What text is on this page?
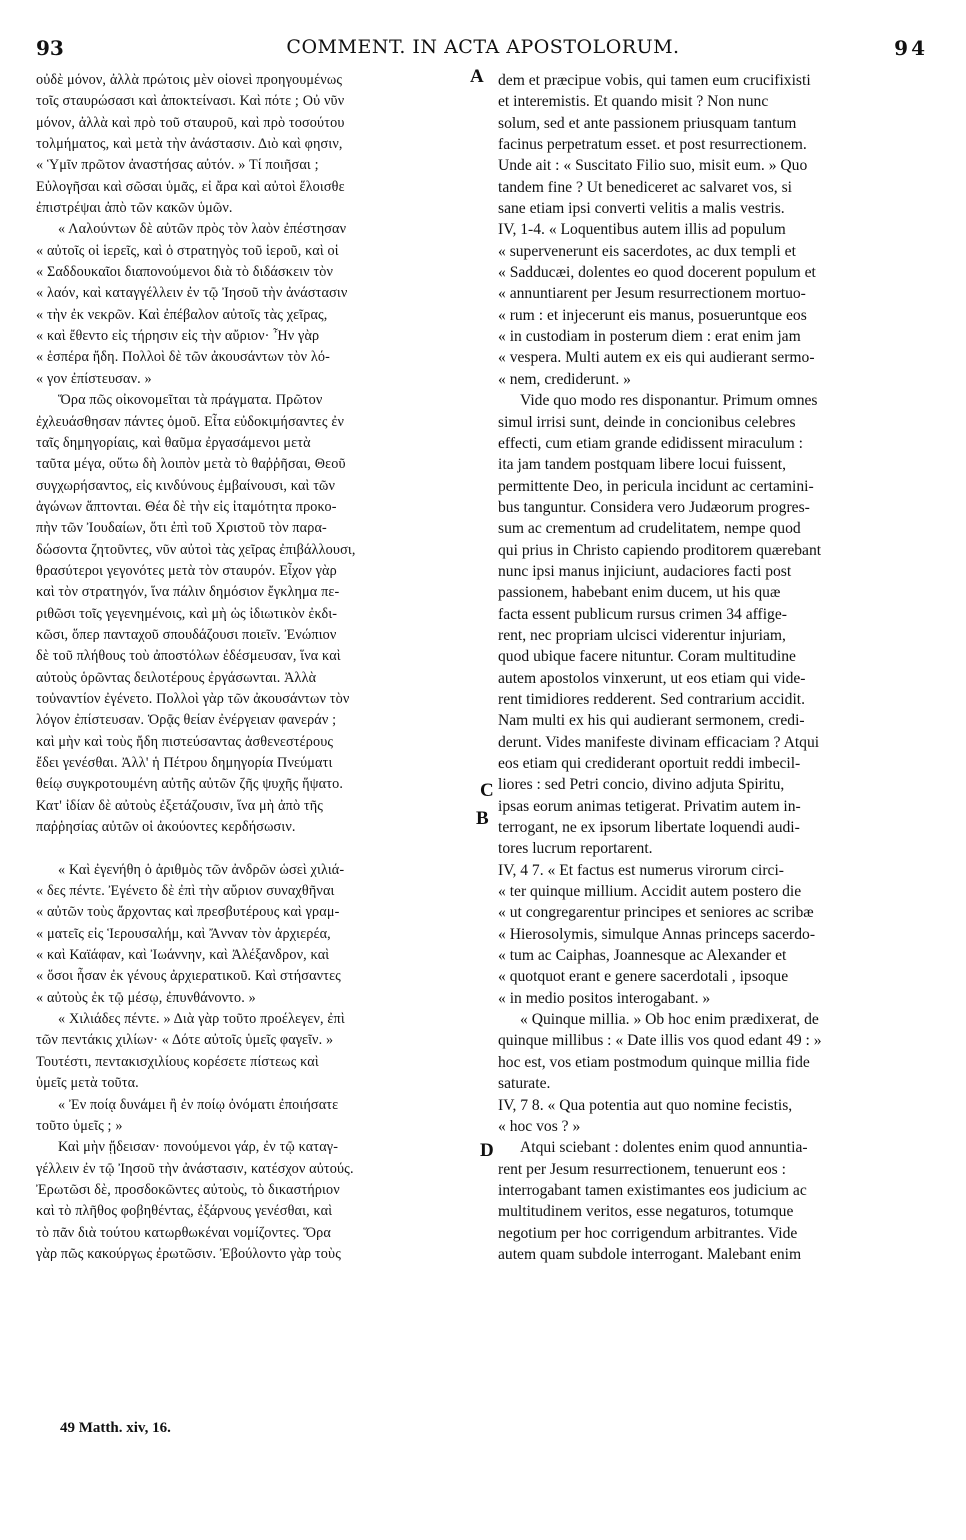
93	COMMENT. IN ACTA APOSTOLORUM.	94
οὐδὲ μόνον, ἀλλὰ πρώτοις μὲν οἱονεὶ προηγουμένως
τοῖς σταυρώσασι καὶ ἀποκτείνασι. Καὶ πότε ; Οὐ νῦν
μόνον, ἀλλὰ καὶ πρὸ τοῦ σταυροῦ, καὶ πρὸ τοσούτου
τολμήματος, καὶ μετὰ τὴν ἀνάστασιν. Διὸ καὶ φησιν,
« Ὑμῖν πρῶτον ἀναστήσας αὐτόν. » Τί ποιῆσαι ;
Εὐλογῆσαι καὶ σῶσαι ὑμᾶς, εἰ ἄρα καὶ αὐτοὶ ἕλοισθε
ἐπιστρέψαι ἀπὸ τῶν κακῶν ὑμῶν.
« Λαλούντων δὲ αὐτῶν πρὸς τὸν λαὸν ἐπέστησαν
« αὐτοῖς οἱ ἱερεῖς, καὶ ὁ στρατηγὸς τοῦ ἱεροῦ, καὶ οἱ
« Σαδδουκαῖοι διαπονούμενοι διὰ τὸ διδάσκειν τὸν
« λαόν, καὶ καταγγέλλειν ἐν τῷ Ἰησοῦ τὴν ἀνάστασιν
« τὴν ἐκ νεκρῶν. Καὶ ἐπέβαλον αὐτοῖς τὰς χεῖρας,
« καὶ ἔθεντο εἰς τήρησιν εἰς τὴν αὔριον· Ἦν γὰρ
« ἑσπέρα ἤδη. Πολλοὶ δὲ τῶν ἀκουσάντων τὸν λό-
« γον ἐπίστευσαν. »
Ὅρα πῶς οἰκονομεῖται τὰ πράγματα. Πρῶτον
ἐχλευάσθησαν πάντες ὁμοῦ. Εἶτα εὐδοκιμήσαντες ἐν
ταῖς δημηγορίαις, καὶ θαῦμα ἐργασάμενοι μετὰ
ταῦτα μέγα, οὕτω δὴ λοιπὸν μετὰ τὸ θαῤῥῆσαι, Θεοῦ
συγχωρήσαντος, εἰς κινδύνους ἐμβαίνουσι, καὶ τῶν
ἀγώνων ἅπτονται. Θέα δὲ τὴν εἰς ἰταμότητα προκο-
πὴν τῶν Ἰουδαίων, ὅτι ἐπὶ τοῦ Χριστοῦ τὸν παρα-
δώσοντα ζητοῦντες, νῦν αὐτοὶ τὰς χεῖρας ἐπιβάλλουσι,
θρασύτεροι γεγονότες μετὰ τὸν σταυρόν. Εἶχον γὰρ
καὶ τὸν στρατηγόν, ἵνα πάλιν δημόσιον ἔγκλημα πε-
ριθῶσι τοῖς γεγενημένοις, καὶ μὴ ὡς ἰδιωτικὸν ἐκδι-
κῶσι, ὅπερ πανταχοῦ σπουδάζουσι ποιεῖν. Ἐνώπιον
δὲ τοῦ πλήθους τοὺ ἀποστόλων ἐδέσμευσαν, ἵνα καὶ
αὐτοὺς ὁρῶντας δειλοτέρους ἐργάσωνται. Ἀλλὰ
τοὐναντίον ἐγένετο. Πολλοὶ γὰρ τῶν ἀκουσάντων τὸν
λόγον ἐπίστευσαν. Ὁρᾷς θείαν ἐνέργειαν φανεράν ;
καὶ μὴν καὶ τοὺς ἤδη πιστεύσαντας ἀσθενεστέρους
ἔδει γενέσθαι. Ἀλλ' ἡ Πέτρου δημηγορία Πνεύματι
θείῳ συγκροτουμένη αὐτῆς αὐτῶν ζῆς ψυχῆς ἥψατο.
Κατ' ἰδίαν δὲ αὐτοὺς ἐξετάζουσιν, ἵνα μὴ ἀπὸ τῆς
παῤῥησίας αὐτῶν οἱ ἀκούοντες κερδήσωσιν.
« Καὶ ἐγενήθη ὁ ἀριθμὸς τῶν ἀνδρῶν ὡσεὶ χιλιά-
« δες πέντε. Ἐγένετο δὲ ἐπὶ τὴν αὔριον συναχθῆναι
« αὐτῶν τοὺς ἄρχοντας καὶ πρεσβυτέρους καὶ γραμ-
« ματεῖς εἰς Ἱερουσαλήμ, καὶ Ἄνναν τὸν ἀρχιερέα,
« καὶ Καϊάφαν, καὶ Ἰωάννην, καὶ Ἀλέξανδρον, καὶ
« ὅσοι ἦσαν ἐκ γένους ἀρχιερατικοῦ. Καὶ στήσαντες
« αὐτοὺς ἐκ τῷ μέσῳ, ἐπυνθάνοντο. »
« Χιλιάδες πέντε. » Διὰ γὰρ τοῦτο προέλεγεν, ἐπὶ
τῶν πεντάκις χιλίων· « Δότε αὐτοῖς ὑμεῖς φαγεῖν. »
Τουτέστι, πεντακισχιλίους κορέσετε πίστεως καὶ
ὑμεῖς μετὰ τοῦτα.
« Ἐν ποίᾳ δυνάμει ἢ ἐν ποίῳ ὀνόματι ἐποιήσατε
τοῦτο ὑμεῖς ; »
Καὶ μὴν ᾔδεισαν· πονούμενοι γάρ, ἐν τῷ καταγ-
γέλλειν ἐν τῷ Ἰησοῦ τὴν ἀνάστασιν, κατέσχον αὐτούς.
Ἐρωτῶσι δὲ, προσδοκῶντες αὐτοὺς, τὸ δικαστήριον
καὶ τὸ πλῆθος φοβηθέντας, ἐξάρνους γενέσθαι, καὶ
τὸ πᾶν διὰ τούτου κατωρθωκέναι νομίζοντες. Ὅρα
γὰρ πῶς κακούργως ἐρωτῶσιν. Ἐβούλοντο γὰρ τοὺς
dem et præcipue vobis, qui tamen eum crucifixisti
et interemistis. Et quando misit ? Non nunc
solum, sed et ante passionem priusquam tantum
facinus perpetratum esset. et post resurrectionem.
Unde ait : « Suscitato Filio suo, misit eum. » Quo
tandem fine ? Ut benediceret ac salvaret vos, si
sane etiam ipsi converti velitis a malis vestris.
IV, 1-4. « Loquentibus autem illis ad populum
« supervenerunt eis sacerdotes, ac dux templi et
« Sadducæi, dolentes eo quod docerent populum et
« annuntiarent per Jesum resurrectionem mortuo-
« rum : et injecerunt eis manus, posueruntque eos
« in custodiam in posterum diem : erat enim jam
« vespera. Multi autem ex eis qui audierant sermo-
« nem, crediderunt. »
Vide quo modo res disponantur. Primum omnes
simul irrisi sunt, deinde in concionibus celebres
effecti, cum etiam grande edidissent miraculum :
ita jam tandem postquam libere locui fuissent,
permittente Deo, in pericula incidunt ac certamini-
bus tanguntur. Considera vero Judæorum progres-
sum ac crementum ad crudelitatem, nempe quod
qui prius in Christo capiendo proditorem quærebant
nunc ipsi manus injiciunt, audaciores facti post
passionem, habebant enim ducem, ut his quæ
facta essent publicum rursus crimen 34 affige-
rent, nec propriam ulcisci viderentur injuriam,
quod ubique facere nituntur. Coram multitudine
autem apostolos vinxerunt, ut eos etiam qui vide-
rent timidiores redderent. Sed contrarium accidit.
Nam multi ex his qui audierant sermonem, credi-
derunt. Vides manifeste divinam efficaciam ? Atqui
eos etiam qui crediderant oportuit reddi imbecil-
liores : sed Petri concio, divino adjuta Spiritu,
ipsas eorum animas tetigerat. Privatim autem in-
terrogant, ne ex ipsorum libertate loquendi audi-
tores lucrum reportarent.
IV, 4 7. « Et factus est numerus virorum circi-
« ter quinque millium. Accidit autem postero die
« ut congregarentur principes et seniores ac scribæ
« Hierosolymis, simulque Annas princeps sacerdo-
« tum ac Caiphas, Joannesque ac Alexander et
« quotquot erant e genere sacerdotali , ipsoque
« in medio positos interogabant. »
« Quinque millia. » Ob hoc enim prædixerat, de
quinque millibus : « Date illis vos quod edant 49 : »
hoc est, vos etiam postmodum quinque millia fide
saturate.
IV, 7 8. « Qua potentia aut quo nomine fecistis,
« hoc vos ? »
Atqui sciebant : dolentes enim quod annuntia-
rent per Jesum resurrectionem, tenuerunt eos :
interrogabant tamen existimantes eos judicium ac
multitudinem veritos, esse negaturos, totumque
negotium per hoc corrigendum arbitrantes. Vide
autem quam subdole interrogant. Malebant enim
A
B
C
D
49 Matth. xiv, 16.
